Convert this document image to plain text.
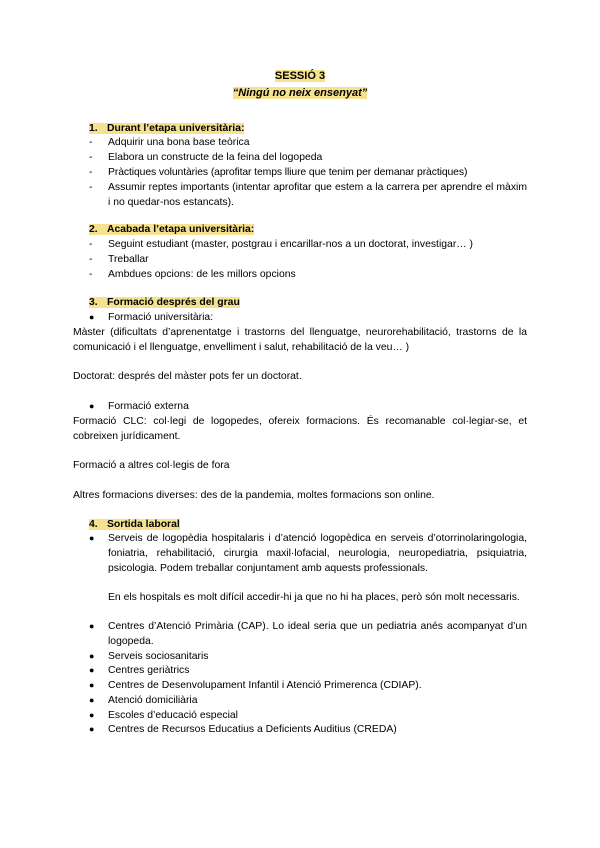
SESSIÓ 3
“Ningú no neix ensenyat”
1. Durant l’etapa universitària:
- Adquirir una bona base teòrica
- Elabora un constructe de la feina del logopeda
- Pràctiques voluntàries (aprofitar temps lliure que tenim per demanar pràctiques)
- Assumir reptes importants (intentar aprofitar que estem a la carrera per aprendre el màxim i no quedar-nos estancats).
2. Acabada l’etapa universitària:
- Seguint estudiant (master, postgrau i encarillar-nos a un doctorat, investigar… )
- Treballar
- Ambdues opcions: de les millors opcions
3. Formació després del grau
● Formació universitària:
Màster (dificultats d’aprenentatge i trastorns del llenguatge, neurorehabilitació, trastorns de la comunicació i el llenguatge, envelliment i salut, rehabilitació de la veu… )
Doctorat: després del màster pots fer un doctorat.
● Formació externa
Formació CLC: col·legi de logopedes, ofereix formacions. És recomanable col·legiar-se, et cobreixen jurídicament.
Formació a altres col·legis de fora
Altres formacions diverses: des de la pandemia, moltes formacions son online.
4. Sortida laboral
● Serveis de logopèdia hospitalaris i d’atenció logopèdica en serveis d’otorrinolaringologia, foniatria, rehabilitació, cirurgia maxil·lofacial, neurologia, neuropediatria, psiquiatria, psicologia. Podem treballar conjuntament amb aquests professionals.
En els hospitals es molt difícil accedir-hi ja que no hi ha places, però són molt necessaris.
● Centres d’Atenció Primària (CAP). Lo ideal seria que un pediatria anés acompanyat d’un logopeda.
● Serveis sociosanitaris
● Centres geriàtrics
● Centres de Desenvolupament Infantil i Atenció Primerenca (CDIAP).
● Atenció domiciliària
● Escoles d’educació especial
● Centres de Recursos Educatius a Deficients Auditius (CREDA)
